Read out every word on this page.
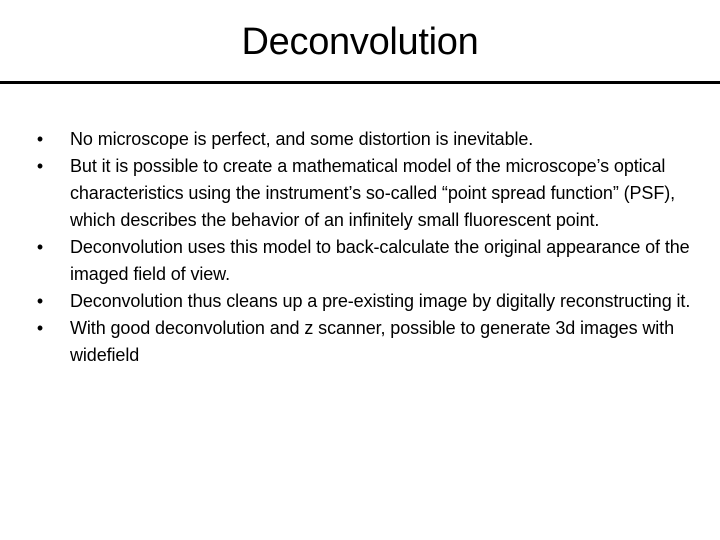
Deconvolution
•	No microscope is perfect, and some distortion is inevitable.
•	But it is possible to create a mathematical model of the microscope’s optical characteristics using the instrument’s so-called “point spread function” (PSF), which describes the behavior of an infinitely small fluorescent point.
•	Deconvolution uses this model to back-calculate the original appearance of the imaged field of view.
•	Deconvolution thus cleans up a pre-existing image by digitally reconstructing it.
•	With good deconvolution and z scanner, possible to generate 3d images with widefield
